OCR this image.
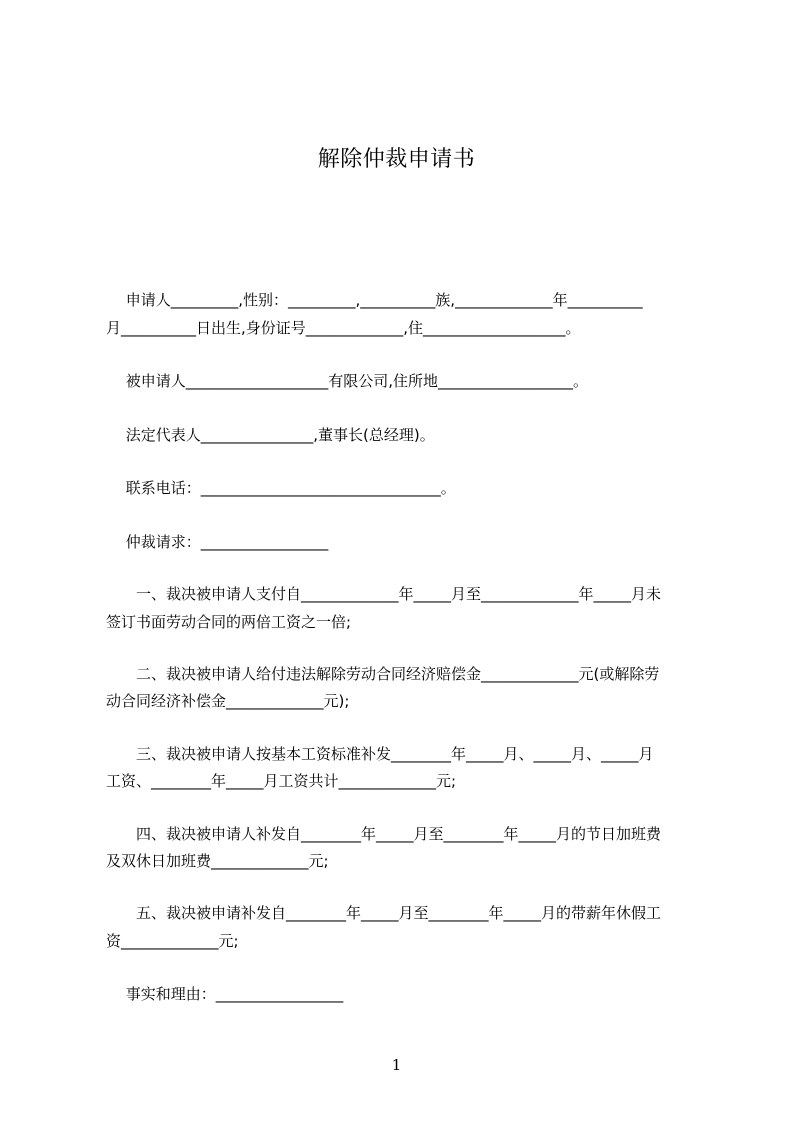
解除仲裁申请书
　 申请人_________,性别：_________,__________族,_____________年__________
月__________日出生,身份证号_____________,住___________________。
　 被申请人___________________有限公司,住所地__________________。
　 法定代表人_______________,董事长(总经理)。
　 联系电话：________________________________。
　 仲裁请求：_________________
　　一、裁决被申请人支付自_____________年_____月至_____________年_____月未
签订书面劳动合同的两倍工资之一倍;
　　二、裁决被申请人给付违法解除劳动合同经济赔偿金_____________元(或解除劳
动合同经济补偿金_____________元);
　　三、裁决被申请人按基本工资标准补发________年_____月、_____月、_____月
工资、________年_____月工资共计_____________元;
　　四、裁决被申请人补发自________年_____月至________年_____月的节日加班费
及双休日加班费_____________元;
　　五、裁决被申请补发自________年_____月至________年_____月的带薪年休假工
资_____________元;
　 事实和理由：_________________
1
